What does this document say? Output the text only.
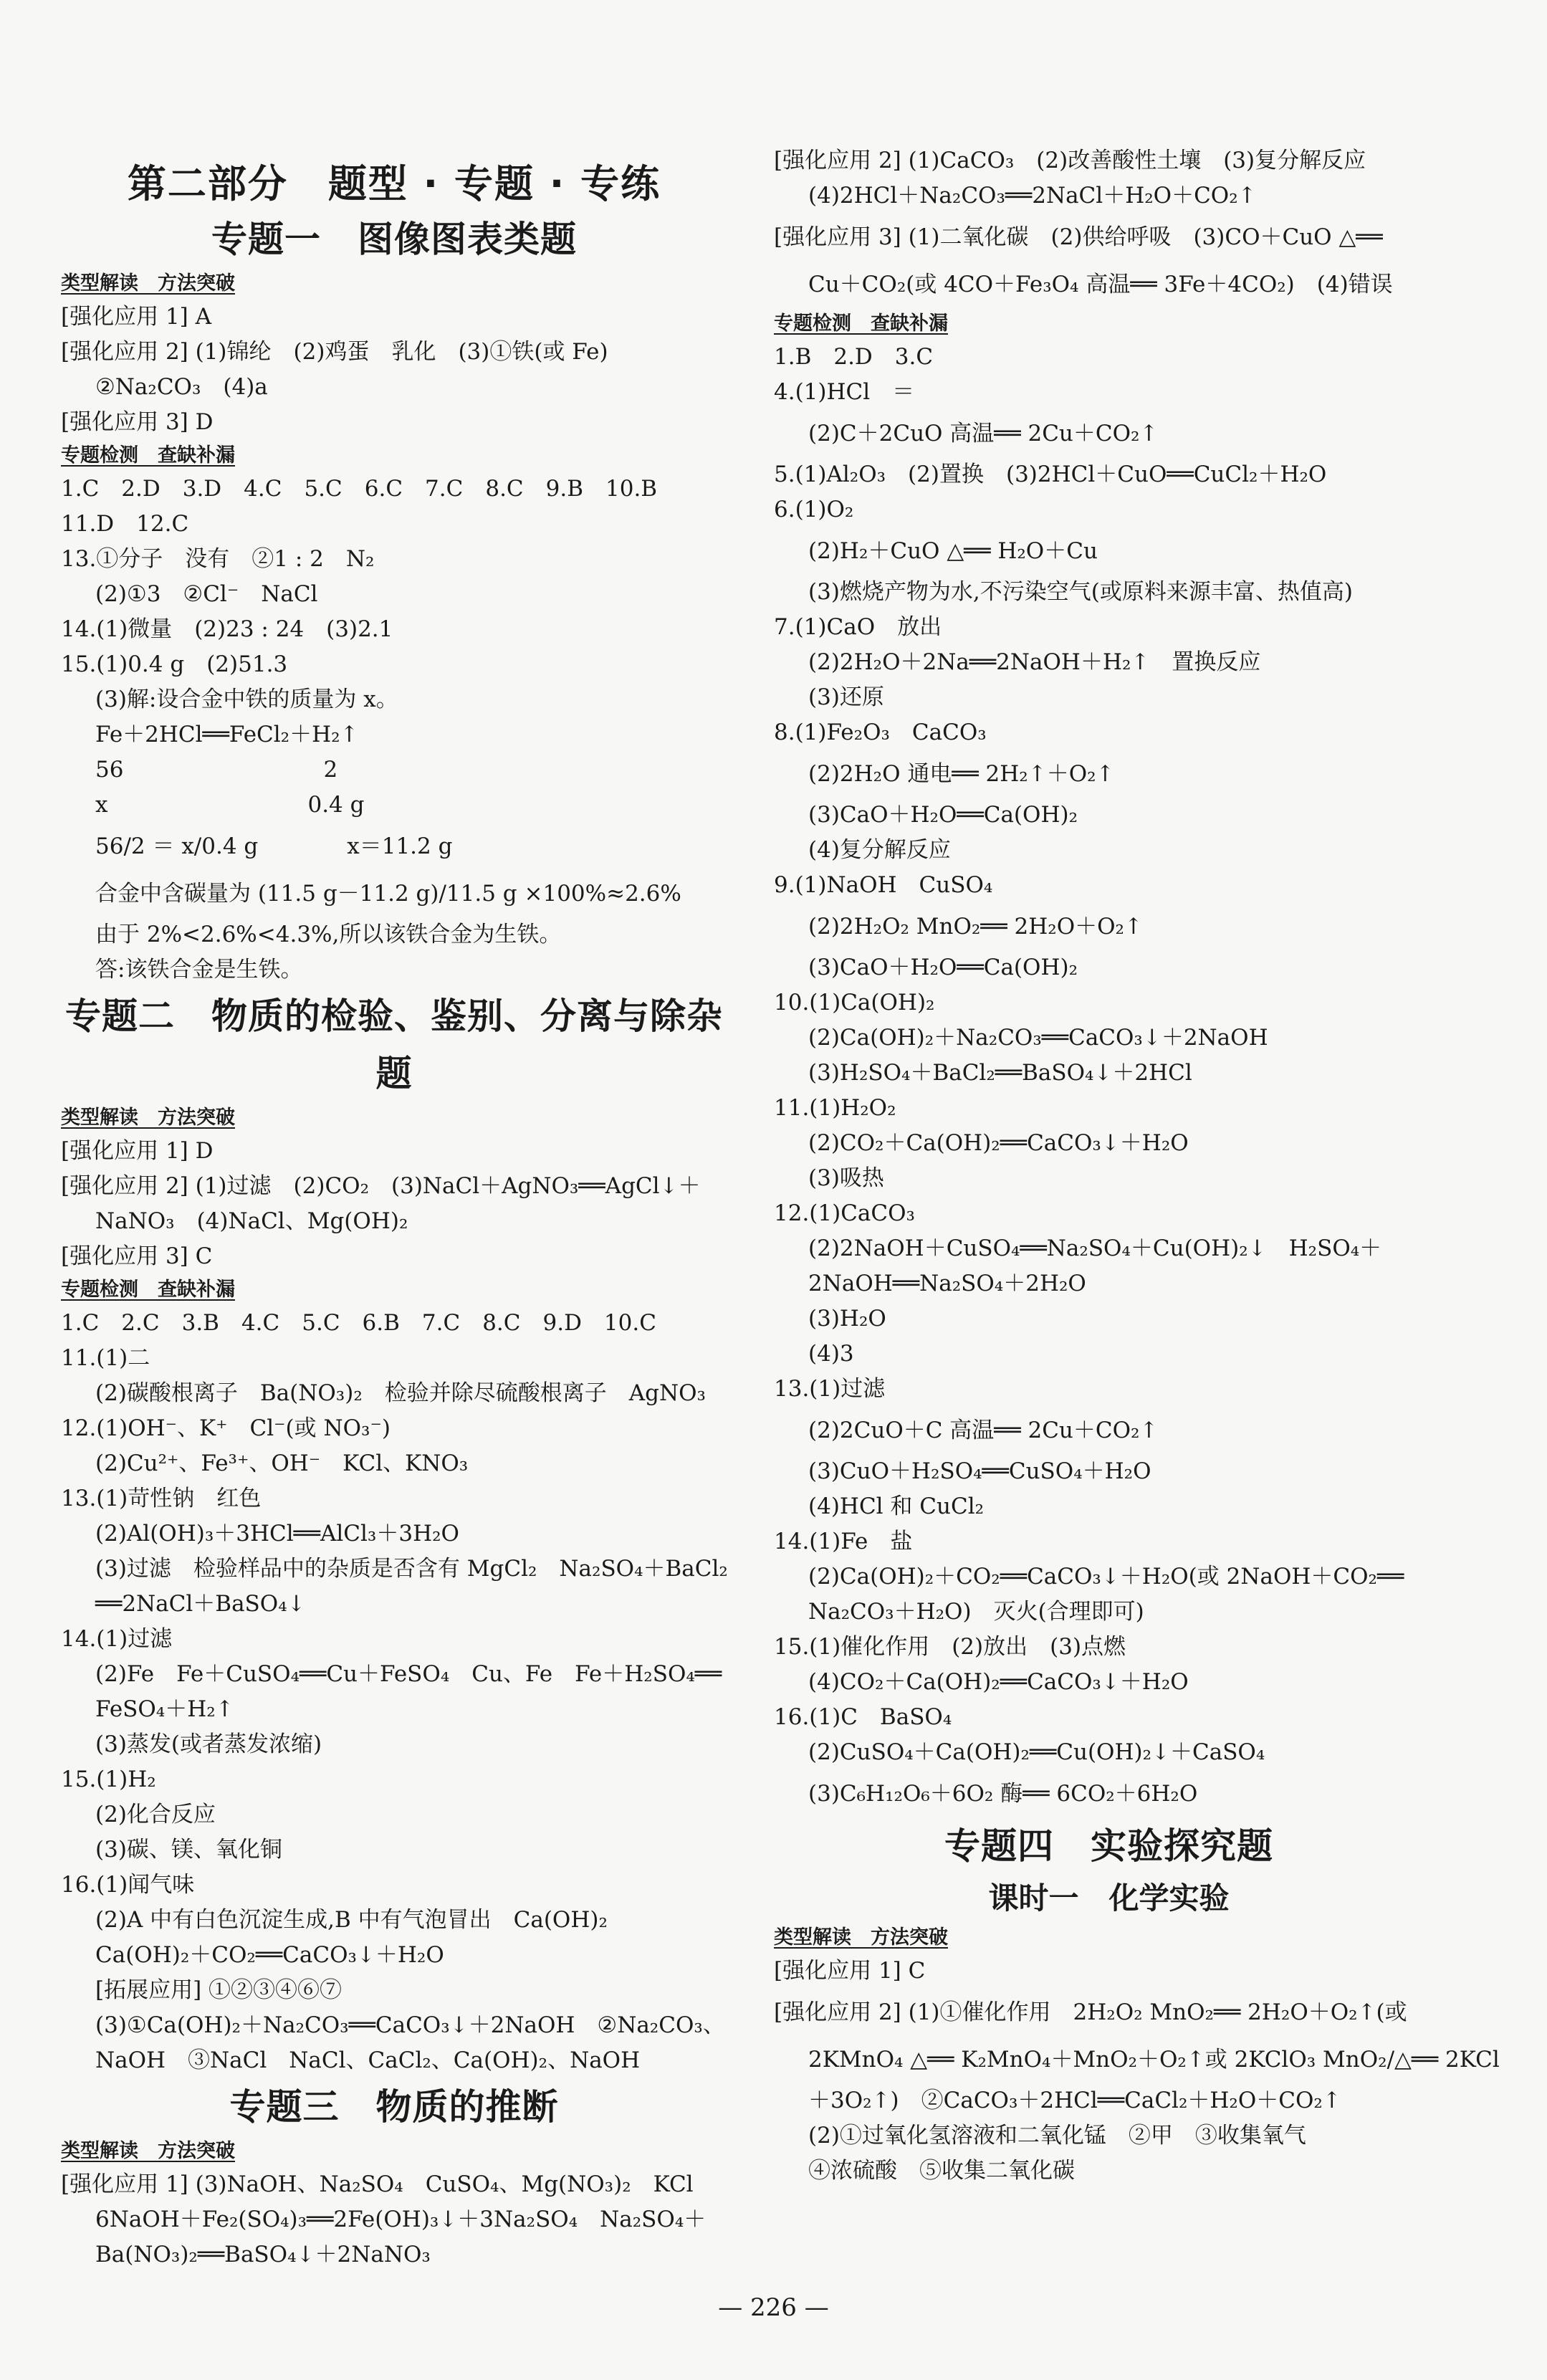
第二部分　题型 · 专题 · 专练
专题一　图像图表类题
类型解读　方法突破
[强化应用 1] A
[强化应用 2] (1)锦纶　(2)鸡蛋　乳化　(3)①铁(或 Fe)
②Na₂CO₃　(4)a
[强化应用 3] D
专题检测　查缺补漏
1.C　2.D　3.D　4.C　5.C　6.C　7.C　8.C　9.B　10.B
11.D　12.C
13.①分子　没有　②1 : 2　N₂
(2)①3　②Cl⁻　NaCl
14.(1)微量　(2)23 : 24　(3)2.1
15.(1)0.4 g　(2)51.3
(3)解:设合金中铁的质量为 x。
Fe＋2HCl══FeCl₂＋H₂↑
56　　　　　　　　　2
x　　　　　　　　　0.4 g
56/2 ＝ x/0.4 g　　　　x＝11.2 g
合金中含碳量为 (11.5 g－11.2 g)/11.5 g ×100%≈2.6%
由于 2%<2.6%<4.3%,所以该铁合金为生铁。
答:该铁合金是生铁。
专题二　物质的检验、鉴别、分离与除杂题
类型解读　方法突破
[强化应用 1] D
[强化应用 2] (1)过滤　(2)CO₂　(3)NaCl＋AgNO₃══AgCl↓＋
NaNO₃　(4)NaCl、Mg(OH)₂
[强化应用 3] C
专题检测　查缺补漏
1.C　2.C　3.B　4.C　5.C　6.B　7.C　8.C　9.D　10.C
11.(1)二
(2)碳酸根离子　Ba(NO₃)₂　检验并除尽硫酸根离子　AgNO₃
12.(1)OH⁻、K⁺　Cl⁻(或 NO₃⁻)
(2)Cu²⁺、Fe³⁺、OH⁻　KCl、KNO₃
13.(1)苛性钠　红色
(2)Al(OH)₃＋3HCl══AlCl₃＋3H₂O
(3)过滤　检验样品中的杂质是否含有 MgCl₂　Na₂SO₄＋BaCl₂
══2NaCl＋BaSO₄↓
14.(1)过滤
(2)Fe　Fe＋CuSO₄══Cu＋FeSO₄　Cu、Fe　Fe＋H₂SO₄══
FeSO₄＋H₂↑
(3)蒸发(或者蒸发浓缩)
15.(1)H₂
(2)化合反应
(3)碳、镁、氧化铜
16.(1)闻气味
(2)A 中有白色沉淀生成,B 中有气泡冒出　Ca(OH)₂
Ca(OH)₂＋CO₂══CaCO₃↓＋H₂O
[拓展应用] ①②③④⑥⑦
(3)①Ca(OH)₂＋Na₂CO₃══CaCO₃↓＋2NaOH　②Na₂CO₃、
NaOH　③NaCl　NaCl、CaCl₂、Ca(OH)₂、NaOH
专题三　物质的推断
类型解读　方法突破
[强化应用 1] (3)NaOH、Na₂SO₄　CuSO₄、Mg(NO₃)₂　KCl
6NaOH＋Fe₂(SO₄)₃══2Fe(OH)₃↓＋3Na₂SO₄　Na₂SO₄＋
Ba(NO₃)₂══BaSO₄↓＋2NaNO₃
[强化应用 2] (1)CaCO₃　(2)改善酸性土壤　(3)复分解反应
(4)2HCl＋Na₂CO₃══2NaCl＋H₂O＋CO₂↑
[强化应用 3] (1)二氧化碳　(2)供给呼吸　(3)CO＋CuO △══
Cu＋CO₂(或 4CO＋Fe₃O₄ 高温══ 3Fe＋4CO₂)　(4)错误
专题检测　查缺补漏
1.B　2.D　3.C
4.(1)HCl　＝
(2)C＋2CuO 高温══ 2Cu＋CO₂↑
5.(1)Al₂O₃　(2)置换　(3)2HCl＋CuO══CuCl₂＋H₂O
6.(1)O₂
(2)H₂＋CuO △══ H₂O＋Cu
(3)燃烧产物为水,不污染空气(或原料来源丰富、热值高)
7.(1)CaO　放出
(2)2H₂O＋2Na══2NaOH＋H₂↑　置换反应
(3)还原
8.(1)Fe₂O₃　CaCO₃
(2)2H₂O 通电══ 2H₂↑＋O₂↑
(3)CaO＋H₂O══Ca(OH)₂
(4)复分解反应
9.(1)NaOH　CuSO₄
(2)2H₂O₂ MnO₂══ 2H₂O＋O₂↑
(3)CaO＋H₂O══Ca(OH)₂
10.(1)Ca(OH)₂
(2)Ca(OH)₂＋Na₂CO₃══CaCO₃↓＋2NaOH
(3)H₂SO₄＋BaCl₂══BaSO₄↓＋2HCl
11.(1)H₂O₂
(2)CO₂＋Ca(OH)₂══CaCO₃↓＋H₂O
(3)吸热
12.(1)CaCO₃
(2)2NaOH＋CuSO₄══Na₂SO₄＋Cu(OH)₂↓　H₂SO₄＋
2NaOH══Na₂SO₄＋2H₂O
(3)H₂O
(4)3
13.(1)过滤
(2)2CuO＋C 高温══ 2Cu＋CO₂↑
(3)CuO＋H₂SO₄══CuSO₄＋H₂O
(4)HCl 和 CuCl₂
14.(1)Fe　盐
(2)Ca(OH)₂＋CO₂══CaCO₃↓＋H₂O(或 2NaOH＋CO₂══
Na₂CO₃＋H₂O)　灭火(合理即可)
15.(1)催化作用　(2)放出　(3)点燃
(4)CO₂＋Ca(OH)₂══CaCO₃↓＋H₂O
16.(1)C　BaSO₄
(2)CuSO₄＋Ca(OH)₂══Cu(OH)₂↓＋CaSO₄
(3)C₆H₁₂O₆＋6O₂ 酶══ 6CO₂＋6H₂O
专题四　实验探究题
课时一　化学实验
类型解读　方法突破
[强化应用 1] C
[强化应用 2] (1)①催化作用　2H₂O₂ MnO₂══ 2H₂O＋O₂↑(或
2KMnO₄ △══ K₂MnO₄＋MnO₂＋O₂↑或 2KClO₃ MnO₂/△══ 2KCl
＋3O₂↑)　②CaCO₃＋2HCl══CaCl₂＋H₂O＋CO₂↑
(2)①过氧化氢溶液和二氧化锰　②甲　③收集氧气
④浓硫酸　⑤收集二氧化碳
— 226 —
